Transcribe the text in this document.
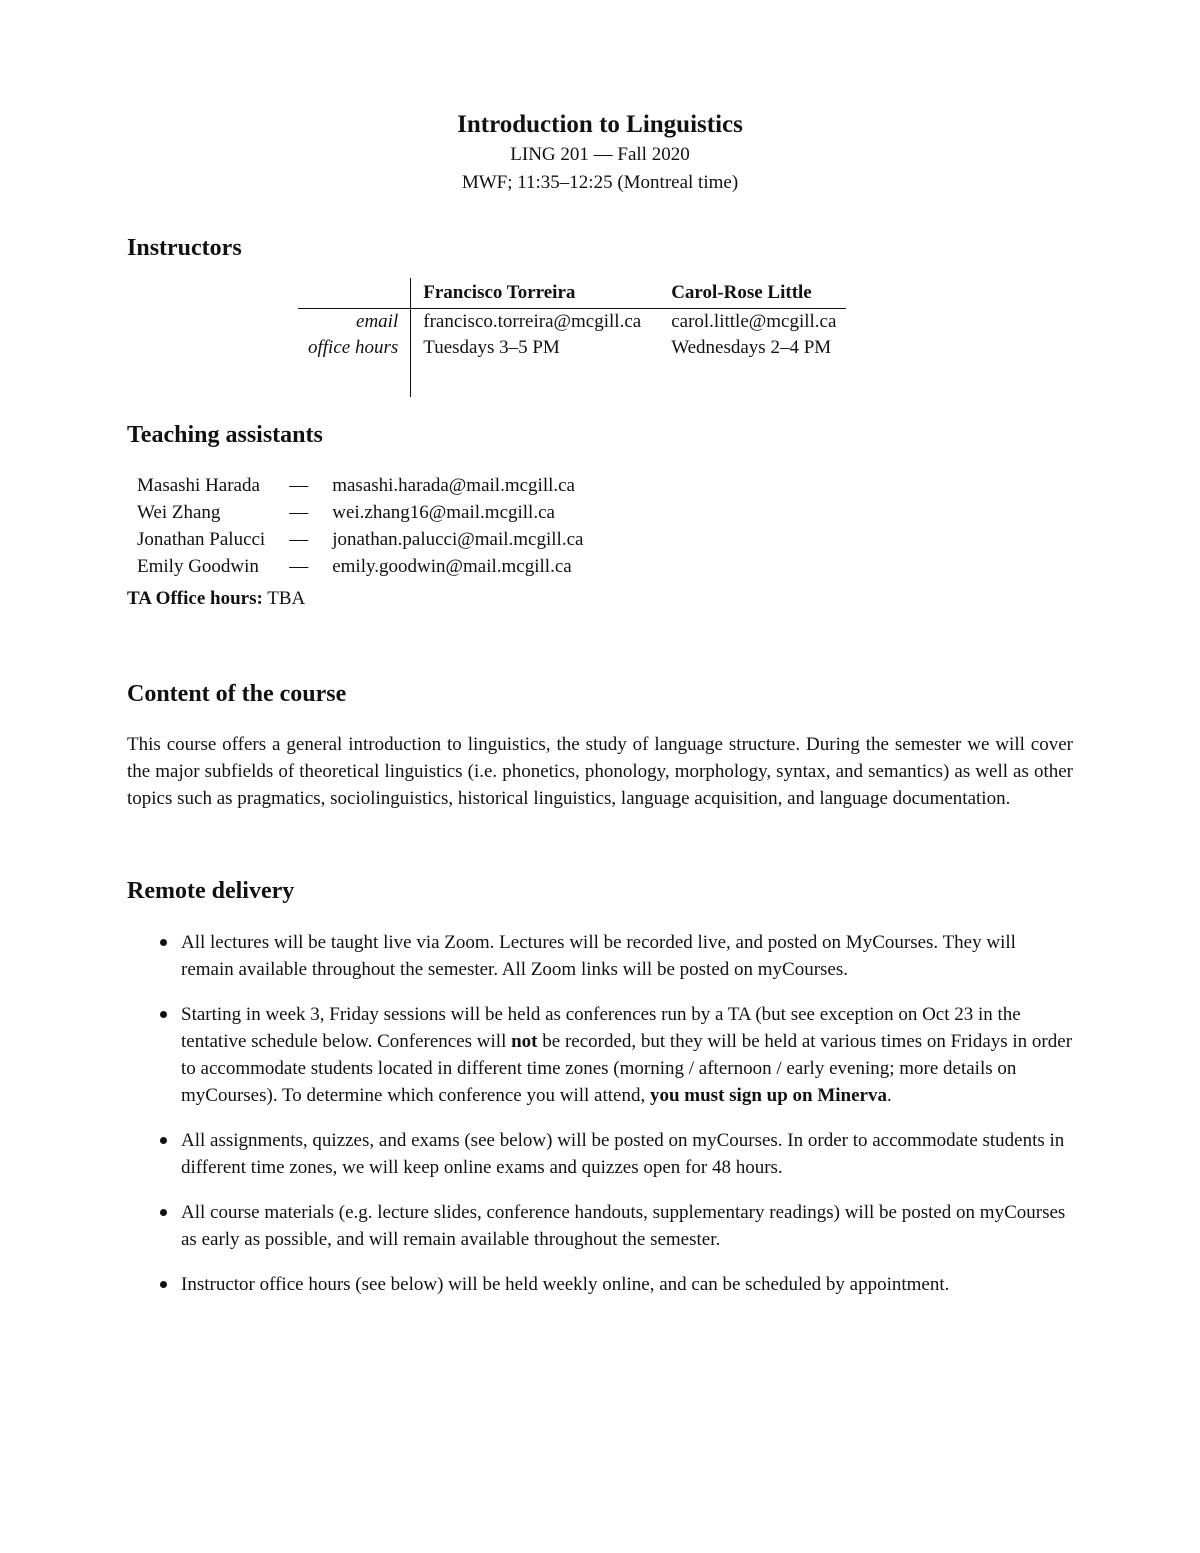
Introduction to Linguistics
LING 201 — Fall 2020
MWF; 11:35–12:25 (Montreal time)
Instructors
	Francisco Torreira	Carol-Rose Little
email	francisco.torreira@mcgill.ca	carol.little@mcgill.ca
office hours	Tuesdays 3–5 PM	Wednesdays 2–4 PM

Teaching assistants
Masashi Harada	—	masashi.harada@mail.mcgill.ca
Wei Zhang	—	wei.zhang16@mail.mcgill.ca
Jonathan Palucci	—	jonathan.palucci@mail.mcgill.ca
Emily Goodwin	—	emily.goodwin@mail.mcgill.ca
TA Office hours: TBA
Content of the course

This course offers a general introduction to linguistics, the study of language structure. During the semester we will cover the major subfields of theoretical linguistics (i.e. phonetics, phonology, morphology, syntax, and semantics) as well as other topics such as pragmatics, sociolinguistics, historical linguistics, language acquisition, and language documentation.

Remote delivery
All lectures will be taught live via Zoom. Lectures will be recorded live, and posted on MyCourses. They will remain available throughout the semester. All Zoom links will be posted on myCourses.
Starting in week 3, Friday sessions will be held as conferences run by a TA (but see exception on Oct 23 in the tentative schedule below. Conferences will not be recorded, but they will be held at various times on Fridays in order to accommodate students located in different time zones (morning / afternoon / early evening; more details on myCourses). To determine which conference you will attend, you must sign up on Minerva.
All assignments, quizzes, and exams (see below) will be posted on myCourses. In order to accommodate students in different time zones, we will keep online exams and quizzes open for 48 hours.
All course materials (e.g. lecture slides, conference handouts, supplementary readings) will be posted on myCourses as early as possible, and will remain available throughout the semester.
Instructor office hours (see below) will be held weekly online, and can be scheduled by appointment.
